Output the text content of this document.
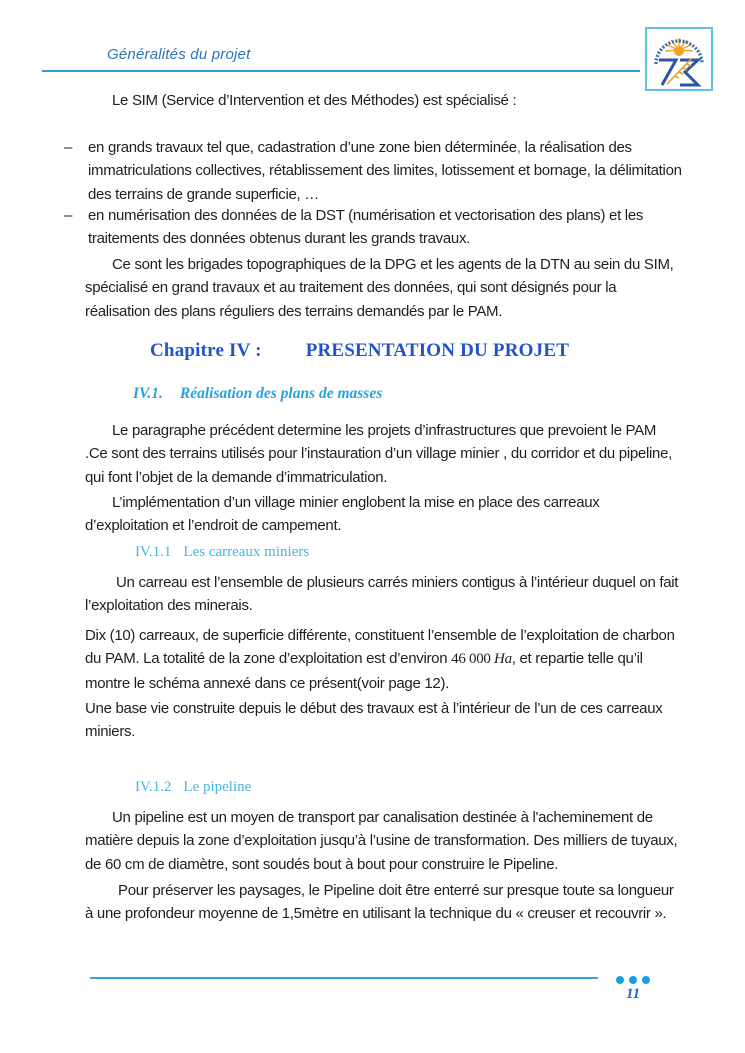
Généralités du projet

Le SIM (Service d’Intervention et des Méthodes) est spécialisé :

–	en grands travaux tel que, cadastration d’une zone bien déterminée, la réalisation des immatriculations collectives, rétablissement des limites, lotissement et bornage, la délimitation des terrains de grande superficie, …
–	en numérisation des données de la DST (numérisation et vectorisation des plans) et les traitements des données obtenus durant les grands travaux.

Ce sont les brigades topographiques de la DPG et les agents de la DTN au sein du SIM, spécialisé en grand travaux et au traitement des données, qui sont désignés pour la réalisation des plans réguliers des terrains demandés par le PAM.

Chapitre IV : PRESENTATION DU PROJET
IV.1. Réalisation des plans de masses

Le paragraphe précédent determine les projets d’infrastructures que prevoient le PAM .Ce sont des terrains utilisés pour l’instauration d’un village minier , du corridor et du pipeline, qui font l’objet de la demande d’immatriculation.

L’implémentation d’un village minier englobent la mise en place des carreaux d’exploitation et l’endroit de campement.

IV.1.1 Les carreaux miniers

Un carreau est l’ensemble de plusieurs carrés miniers contigus à l’intérieur duquel on fait l’exploitation des minerais.

Dix (10) carreaux, de superficie différente, constituent l’ensemble de l’exploitation de charbon du PAM. La totalité de la zone d’exploitation est d’environ 46 000 Ha, et repartie telle qu’il montre le schéma annexé dans ce présent(voir page 12).

Une base vie construite depuis le début des travaux est à l’intérieur de l’un de ces carreaux miniers.

IV.1.2 Le pipeline

Un pipeline est un moyen de transport par canalisation destinée à l'acheminement de matière depuis la zone d’exploitation jusqu’à l’usine de transformation. Des milliers de tuyaux, de 60 cm de diamètre, sont soudés bout à bout pour construire le Pipeline.

Pour préserver les paysages, le Pipeline doit être enterré sur presque toute sa longueur à une profondeur moyenne de 1,5mètre en utilisant la technique du « creuser et recouvrir ».

11
